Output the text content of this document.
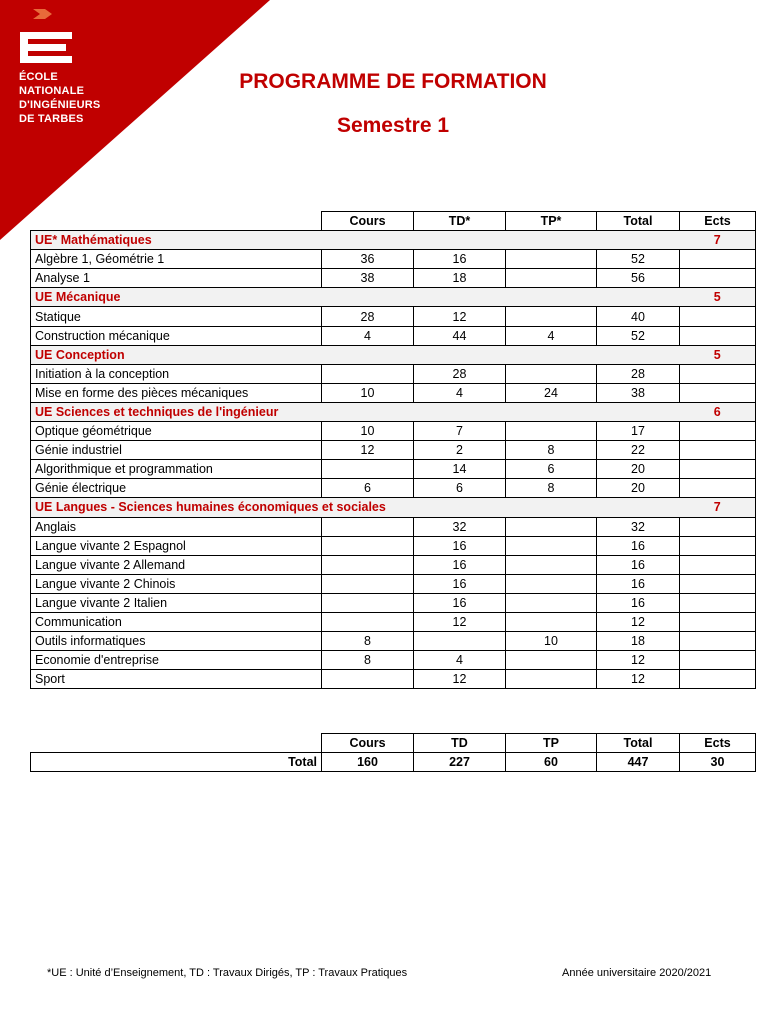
ÉCOLE
NATIONALE
D'INGÉNIEURS
DE TARBES
PROGRAMME DE FORMATION
Semestre 1
	Cours	TD*	TP*	Total	Ects
UE* Mathématiques					7
Algèbre 1, Géométrie 1	36	16		52	
Analyse 1	38	18		56	
UE Mécanique					5
Statique	28	12		40	
Construction mécanique	4	44	4	52	
UE Conception					5
Initiation à la conception		28		28	
Mise en forme des pièces mécaniques	10	4	24	38	
UE Sciences et techniques de l'ingénieur					6
Optique géométrique	10	7		17	
Génie industriel	12	2	8	22	
Algorithmique et programmation		14	6	20	
Génie électrique	6	6	8	20	
UE Langues - Sciences humaines économiques et sociales					7
Anglais		32		32	
Langue vivante 2 Espagnol		16		16	
Langue vivante 2 Allemand		16		16	
Langue vivante 2 Chinois		16		16	
Langue vivante 2 Italien		16		16	
Communication		12		12	
Outils informatiques	8		10	18	
Economie d'entreprise	8	4		12	
Sport		12		12	
	Cours	TD	TP	Total	Ects
Total	160	227	60	447	30
*UE : Unité d’Enseignement, TD : Travaux Dirigés, TP : Travaux Pratiques	Année universitaire 2020/2021
